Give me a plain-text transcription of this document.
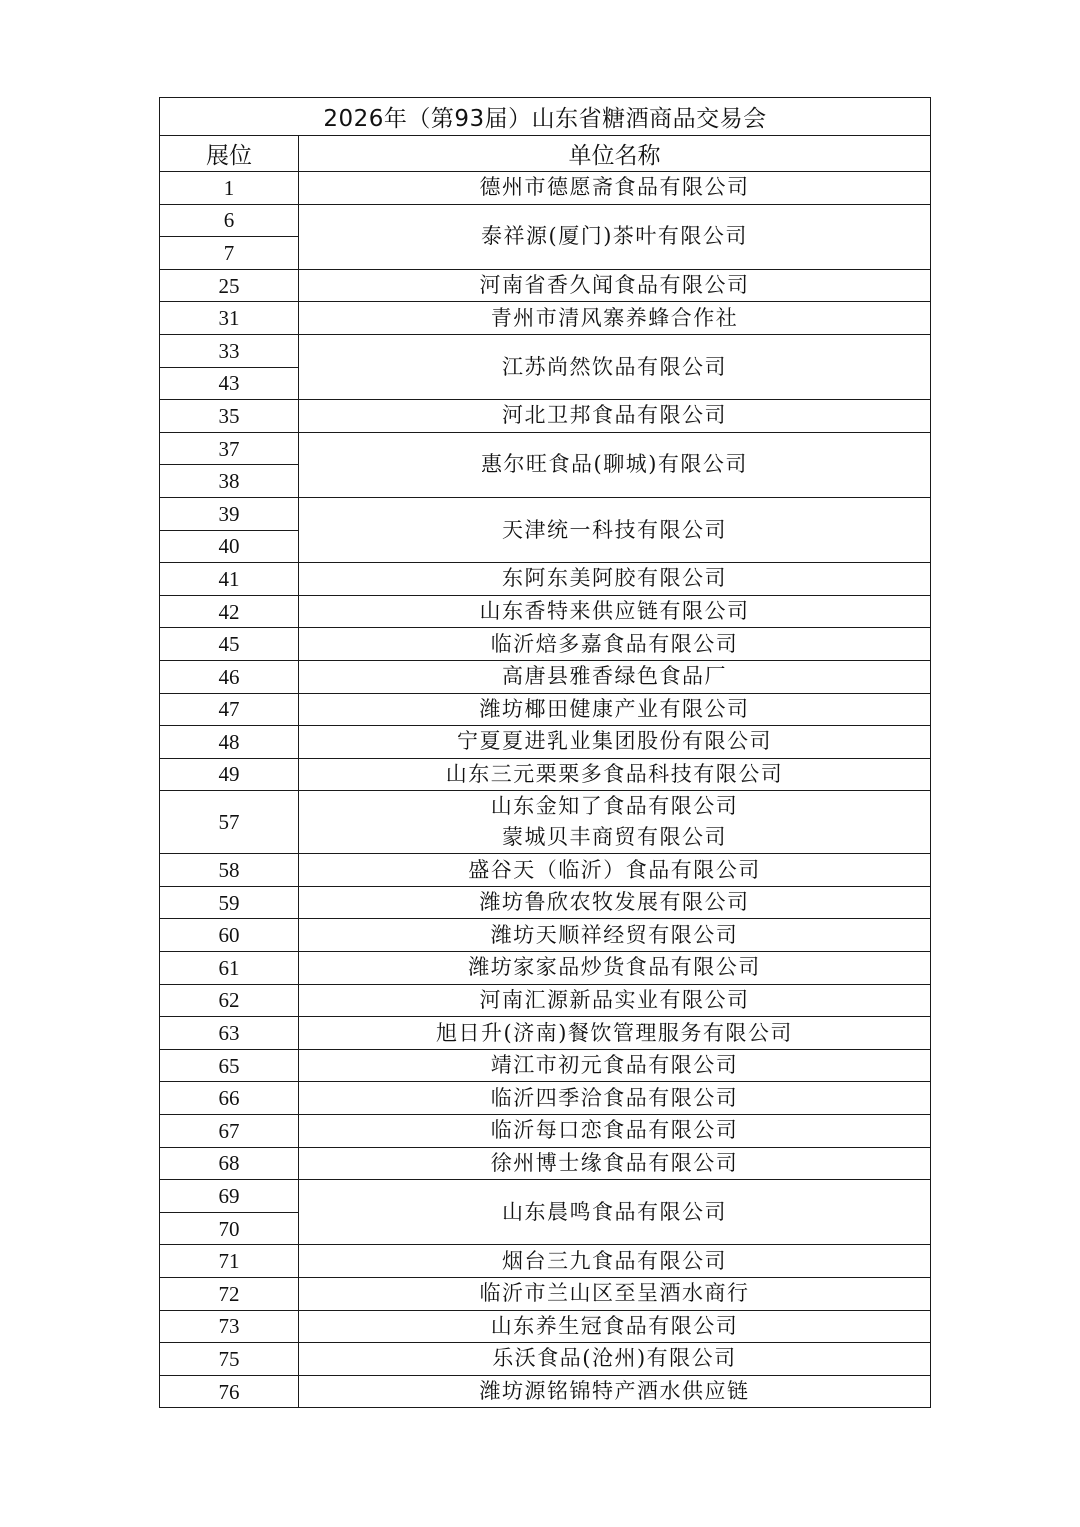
2026年（第93届）山东省糖酒商品交易会	
展位	单位名称
1	德州市德愿斋食品有限公司

6	泰祥源(厦门)茶叶有限公司

7	
25	河南省香久闻食品有限公司

31	青州市清风寨养蜂合作社

33	江苏尚然饮品有限公司

43	
35	河北卫邦食品有限公司

37	惠尔旺食品(聊城)有限公司

38	
39	天津统一科技有限公司

40	
41	东阿东美阿胶有限公司

42	山东香特来供应链有限公司

45	临沂焙多嘉食品有限公司

46	高唐县雅香绿色食品厂

47	潍坊椰田健康产业有限公司

48	宁夏夏进乳业集团股份有限公司

49	山东三元栗栗多食品科技有限公司

57	山东金知了食品有限公司
蒙城贝丰商贸有限公司

58	盛谷天（临沂）食品有限公司

59	潍坊鲁欣农牧发展有限公司

60	潍坊天顺祥经贸有限公司

61	潍坊家家品炒货食品有限公司

62	河南汇源新品实业有限公司

63	旭日升(济南)餐饮管理服务有限公司

65	靖江市初元食品有限公司

66	临沂四季洽食品有限公司

67	临沂每口恋食品有限公司

68	徐州博士缘食品有限公司

69	山东晨鸣食品有限公司

70	
71	烟台三九食品有限公司

72	临沂市兰山区至呈酒水商行

73	山东养生冠食品有限公司

75	乐沃食品(沧州)有限公司

76	潍坊源铭锦特产酒水供应链
